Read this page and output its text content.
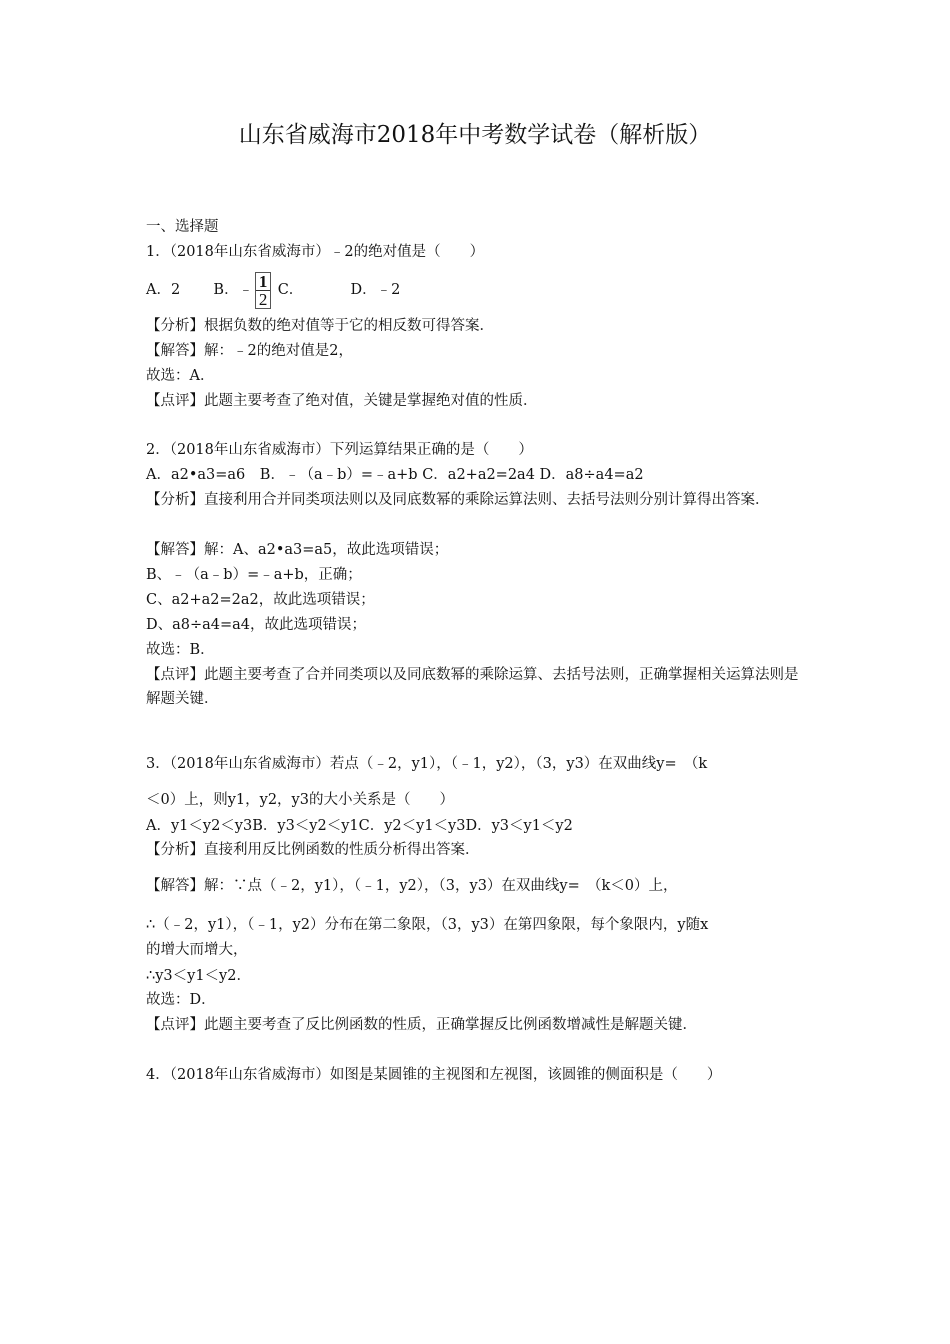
山东省威海市2018年中考数学试卷（解析版）
一、选择题
1．（2018年山东省威海市）﹣2的绝对值是（　　）
A．2 B．﹣ $\frac{1}{2}$ C．	D．﹣2
【分析】根据负数的绝对值等于它的相反数可得答案．
【解答】解：﹣2的绝对值是2，
故选：A．
【点评】此题主要考查了绝对值，关键是掌握绝对值的性质．
2．（2018年山东省威海市）下列运算结果正确的是（　　）
A．a2•a3=a6　B．﹣（a﹣b）=﹣a+b C．a2+a2=2a4 D．a8÷a4=a2
【分析】直接利用合并同类项法则以及同底数幂的乘除运算法则、去括号法则分别计算得出答案．
【解答】解：A、a2•a3=a5，故此选项错误；
B、﹣（a﹣b）=﹣a+b，正确；
C、a2+a2=2a2，故此选项错误；
D、a8÷a4=a4，故此选项错误；
故选：B．
【点评】此题主要考查了合并同类项以及同底数幂的乘除运算、去括号法则，正确掌握相关运算法则是解题关键．
3．（2018年山东省威海市）若点（﹣2，y1），（﹣1，y2），（3，y3）在双曲线y=　（k
＜0）上，则y1，y2，y3的大小关系是（　　）
A．y1＜y2＜y3B．y3＜y2＜y1C．y2＜y1＜y3D．y3＜y1＜y2
【分析】直接利用反比例函数的性质分析得出答案．
【解答】解：∵点（﹣2，y1），（﹣1，y2），（3，y3）在双曲线y=　（k＜0）上，
∴（﹣2，y1），（﹣1，y2）分布在第二象限，（3，y3）在第四象限，每个象限内，y随x
的增大而增大，
∴y3＜y1＜y2．
故选：D．
【点评】此题主要考查了反比例函数的性质，正确掌握反比例函数增减性是解题关键．
4．（2018年山东省威海市）如图是某圆锥的主视图和左视图，该圆锥的侧面积是（　　）
